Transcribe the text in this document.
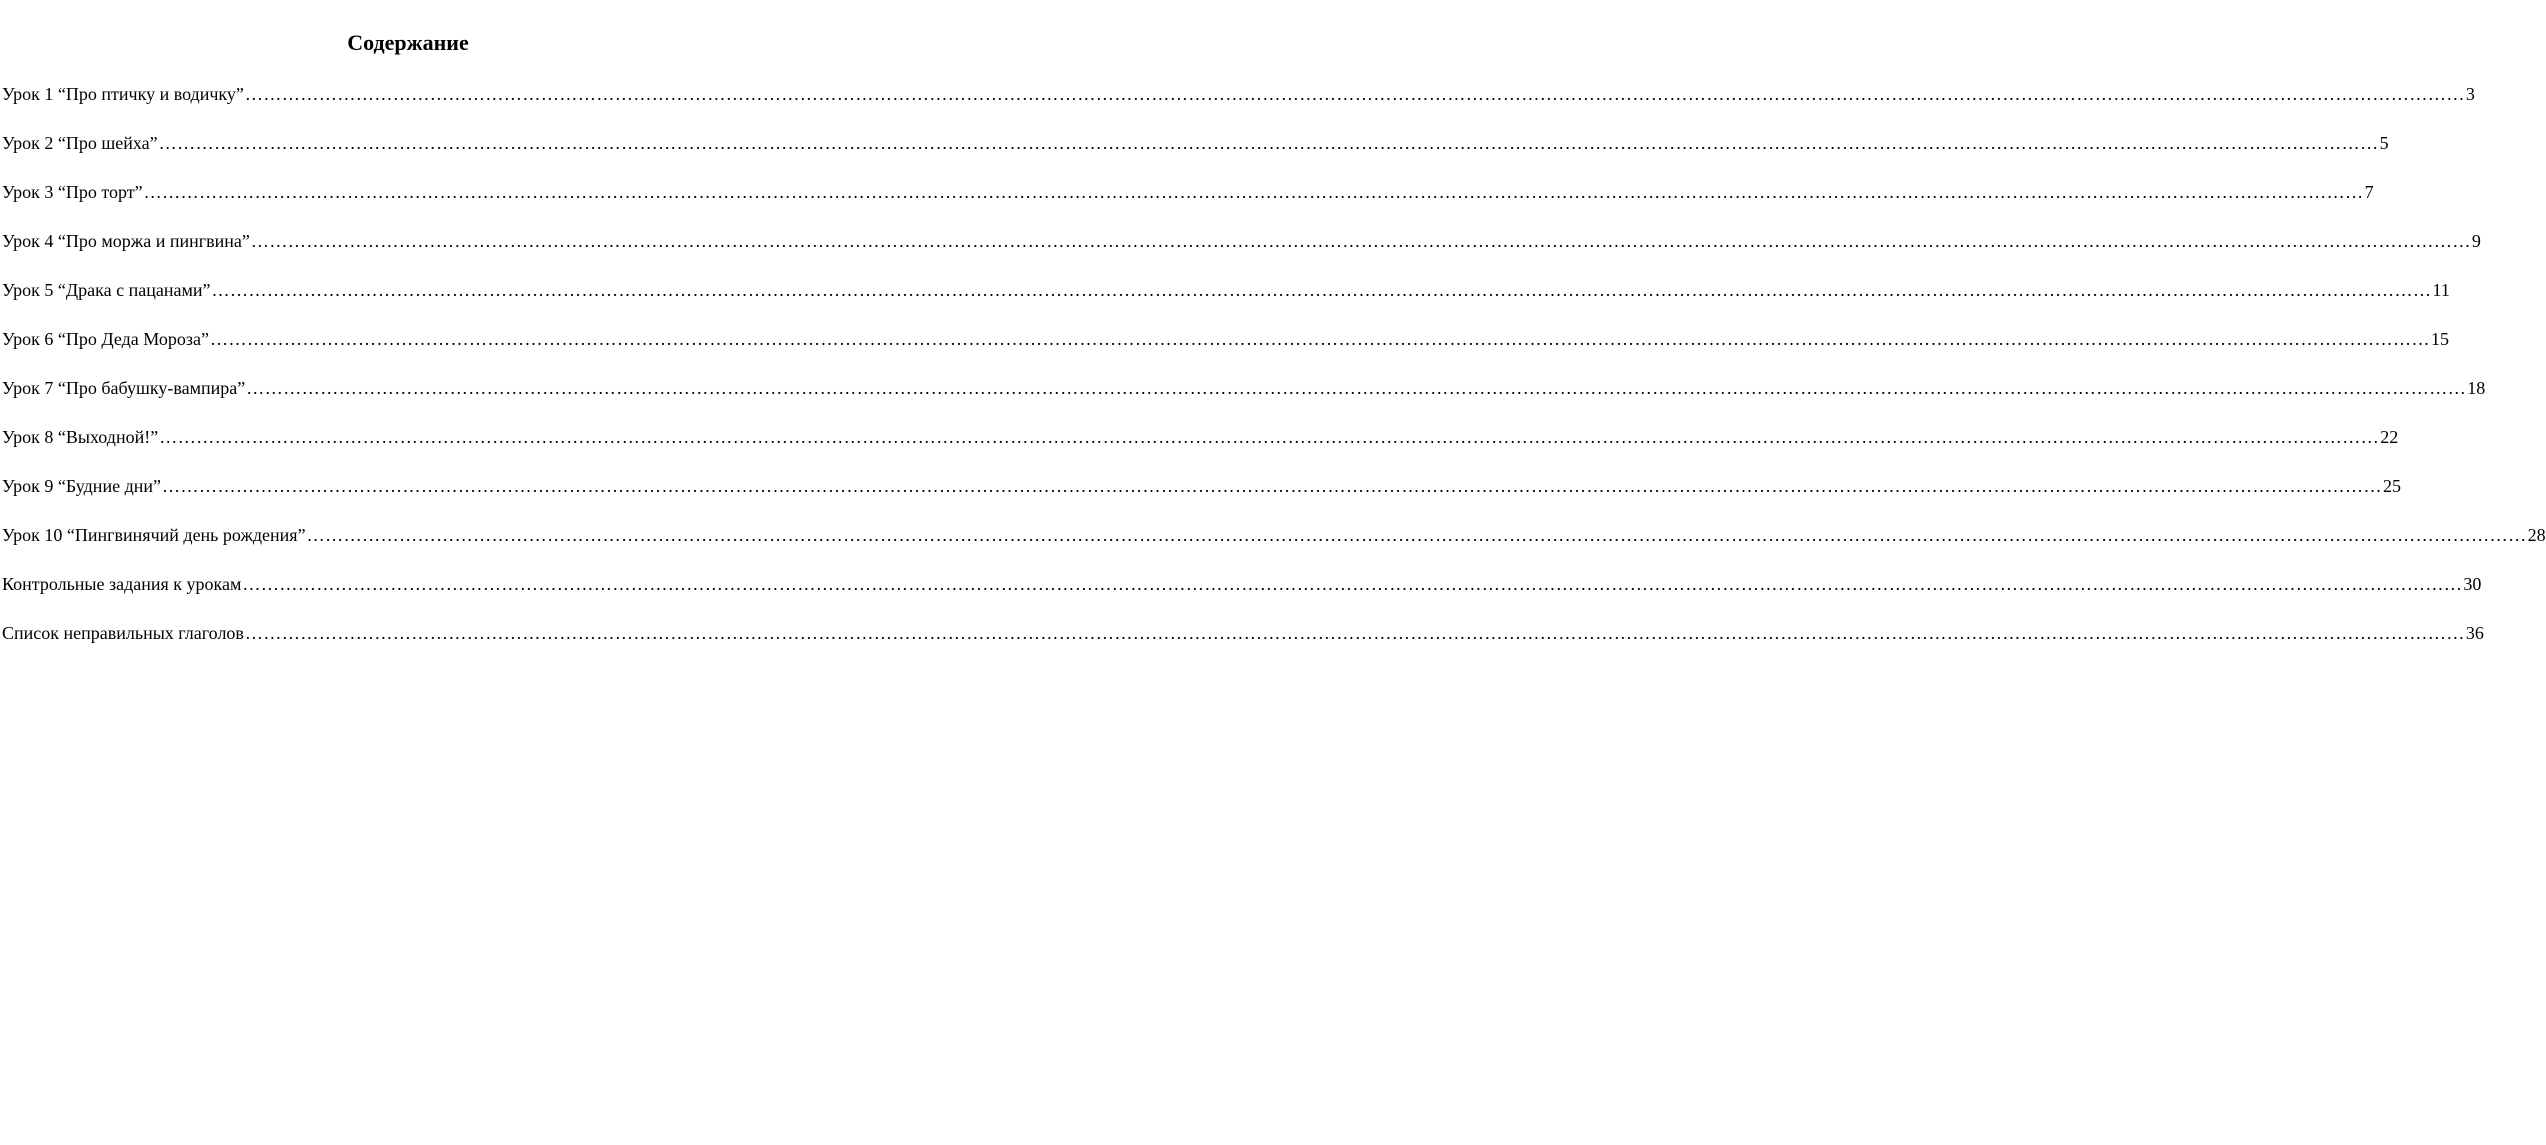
Содержание
Урок 1 “Про птичку и водичку” ……………………………………………………………………………………………………………………………………………………………………………………………………………………………………………………………………………………………………………………………… 3
Урок 2 “Про шейха” ……………………………………………………………………………………………………………………………………………………………………………………………………………………………………………………………………………………………………………………………… 5
Урок 3 “Про торт” ……………………………………………………………………………………………………………………………………………………………………………………………………………………………………………………………………………………………………………………………… 7
Урок 4 “Про моржа и пингвина” ……………………………………………………………………………………………………………………………………………………………………………………………………………………………………………………………………………………………………………………………… 9
Урок 5 “Драка с пацанами” ……………………………………………………………………………………………………………………………………………………………………………………………………………………………………………………………………………………………………………………………… 11
Урок 6 “Про Деда Мороза” ……………………………………………………………………………………………………………………………………………………………………………………………………………………………………………………………………………………………………………………………… 15
Урок 7 “Про бабушку-вампира” ……………………………………………………………………………………………………………………………………………………………………………………………………………………………………………………………………………………………………………………………… 18
Урок 8 “Выходной!” ……………………………………………………………………………………………………………………………………………………………………………………………………………………………………………………………………………………………………………………………… 22
Урок 9 “Будние дни” ……………………………………………………………………………………………………………………………………………………………………………………………………………………………………………………………………………………………………………………………… 25
Урок 10 “Пингвинячий день рождения” ……………………………………………………………………………………………………………………………………………………………………………………………………………………………………………………………………………………………………………………………… 28
Контрольные задания к урокам ……………………………………………………………………………………………………………………………………………………………………………………………………………………………………………………………………………………………………………………………… 30
Список неправильных глаголов ……………………………………………………………………………………………………………………………………………………………………………………………………………………………………………………………………………………………………………………………… 36
